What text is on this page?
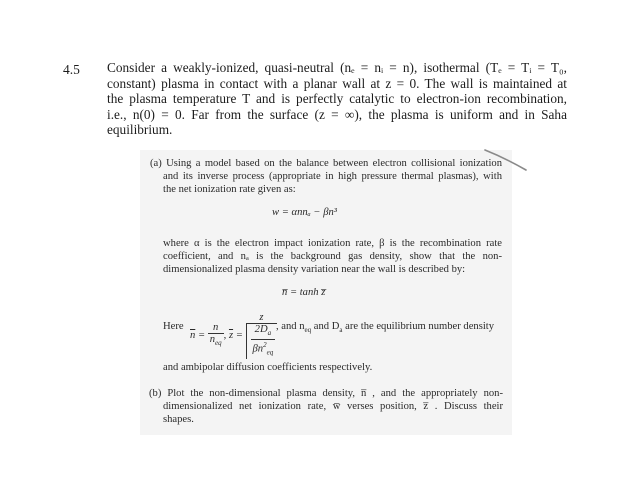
4.5 Consider a weakly-ionized, quasi-neutral (nₑ = nᵢ = n), isothermal (Tₑ = Tᵢ = T₀,
constant) plasma in contact with a planar wall at z = 0. The wall is maintained at
the plasma temperature T and is perfectly catalytic to electron-ion recombination,
i.e., n(0) = 0. Far from the surface (z = ∞), the plasma is uniform and in Saha
equilibrium.
(a) Using a model based on the balance between electron collisional ionization
and its inverse process (appropriate in high pressure thermal plasmas), with
the net ionization rate given as:
w = αnnₐ − βn³
where α is the electron impact ionization rate, β is the recombination rate
coefficient, and nₐ is the background gas density, show that the non-
dimensionalized plasma density variation near the wall is described by:
n̅ = tanh z̅
Here
$\overline{n} = \frac{n}{n_{eq}}$ , $\overline{z} = \frac{z}{\frac{2D_a}{\beta n^2_{eq}}}$
, and $n_{eq}$ and $D_a$ are the equilibrium number density
and ambipolar diffusion coefficients respectively.
(b) Plot the non-dimensional plasma density, n̅ , and the appropriately non-
dimensionalized net ionization rate, w̅ verses position, z̅ . Discuss their
shapes.
